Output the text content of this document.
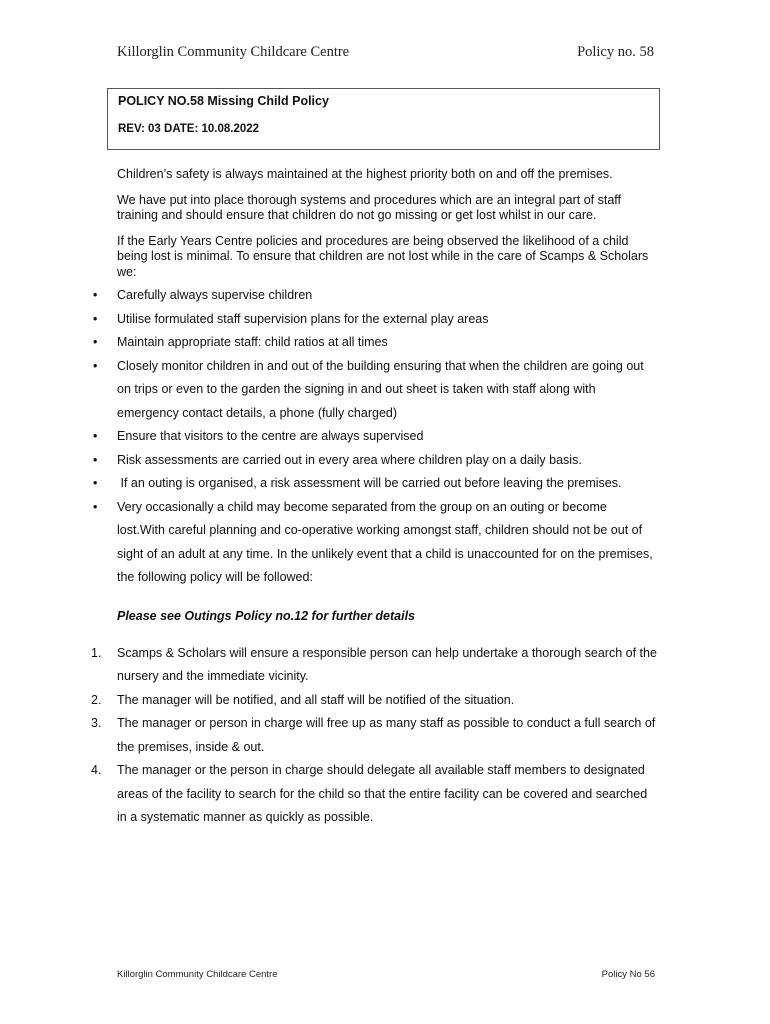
Killorglin Community Childcare Centre	Policy no. 58

POLICY NO.58 Missing Child Policy

REV: 03 DATE: 10.08.2022

Children’s safety is always maintained at the highest priority both on and off the premises.

We have put into place thorough systems and procedures which are an integral part of staff training and should ensure that children do not go missing or get lost whilst in our care.

If the Early Years Centre policies and procedures are being observed the likelihood of a child being lost is minimal. To ensure that children are not lost while in the care of Scamps & Scholars we:

• Carefully always supervise children
• Utilise formulated staff supervision plans for the external play areas
• Maintain appropriate staff: child ratios at all times
• Closely monitor children in and out of the building ensuring that when the children are going out on trips or even to the garden the signing in and out sheet is taken with staff along with emergency contact details, a phone (fully charged)
• Ensure that visitors to the centre are always supervised
• Risk assessments are carried out in every area where children play on a daily basis.
• If an outing is organised, a risk assessment will be carried out before leaving the premises.
• Very occasionally a child may become separated from the group on an outing or become lost.With careful planning and co-operative working amongst staff, children should not be out of sight of an adult at any time. In the unlikely event that a child is unaccounted for on the premises, the following policy will be followed:

Please see Outings Policy no.12 for further details

1. Scamps & Scholars will ensure a responsible person can help undertake a thorough search of the nursery and the immediate vicinity.
2. The manager will be notified, and all staff will be notified of the situation.
3. The manager or person in charge will free up as many staff as possible to conduct a full search of the premises, inside & out.
4. The manager or the person in charge should delegate all available staff members to designated areas of the facility to search for the child so that the entire facility can be covered and searched in a systematic manner as quickly as possible.
Killorglin Community Childcare Centre	Policy No 56
